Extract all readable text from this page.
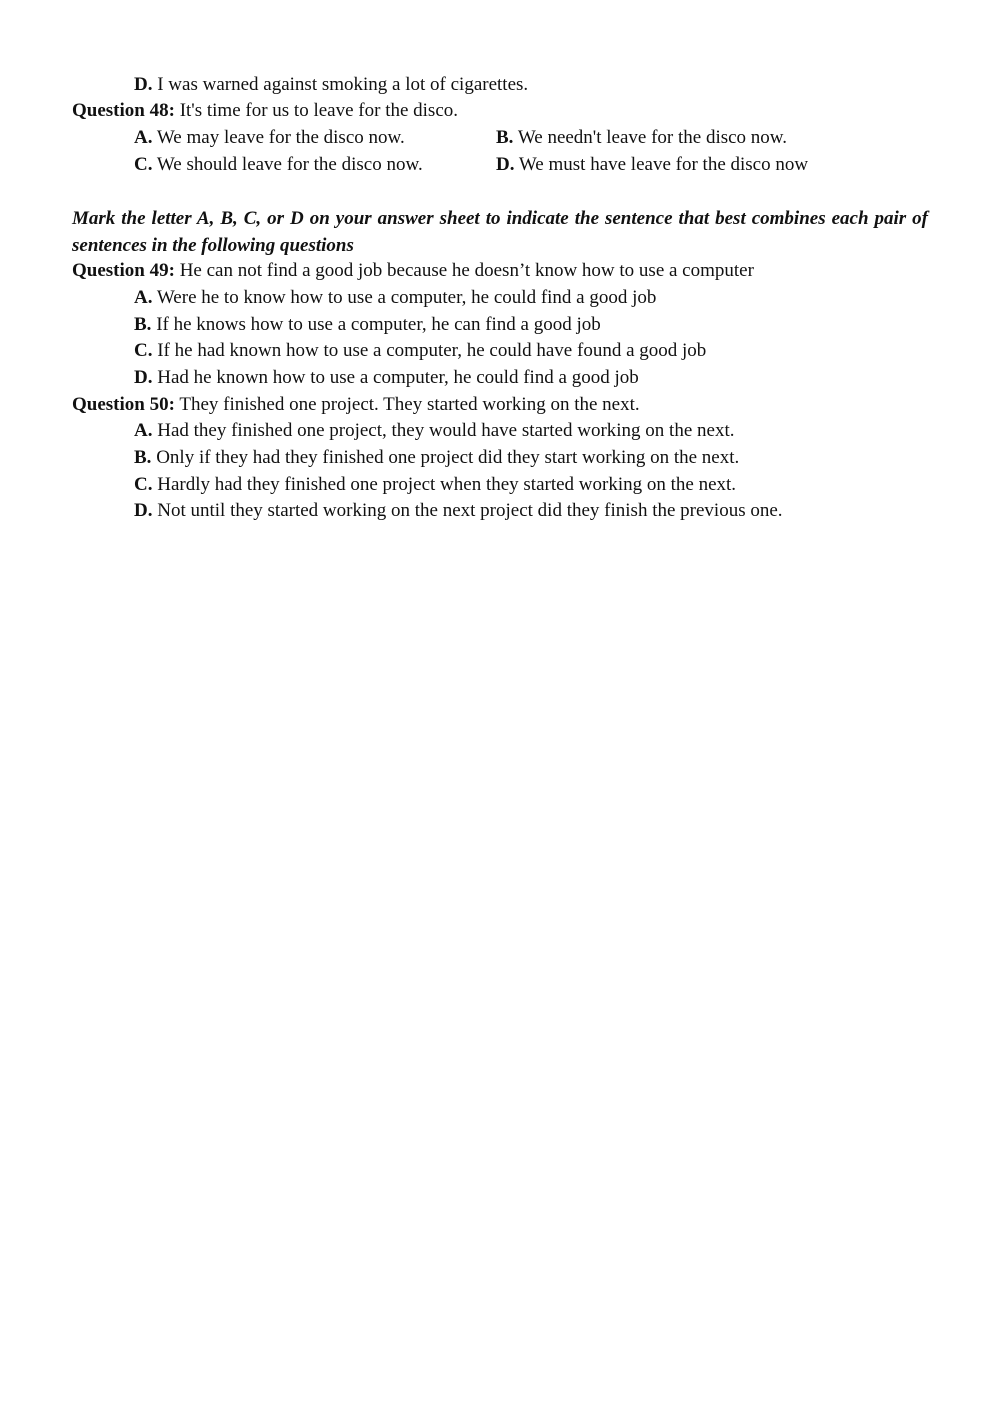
D. I was warned against smoking a lot of cigarettes.
Question 48: It's time for us to leave for the disco.
A. We may leave for the disco now.	B. We needn't leave for the disco now.
C. We should leave for the disco now.	D. We must have leave for the disco now
Mark the letter A, B, C, or D on your answer sheet to indicate the sentence that best combines each pair of sentences in the following questions
Question 49: He can not find a good job because he doesn’t know how to use a computer
A. Were he to know how to use a computer, he could find a good job
B. If he knows how to use a computer, he can find a good job
C. If he had known how to use a computer, he could have found a good job
D. Had he known how to use a computer, he could find a good job
Question 50: They finished one project. They started working on the next.
A. Had they finished one project, they would have started working on the next.
B. Only if they had they finished one project did they start working on the next.
C. Hardly had they finished one project when they started working on the next.
D. Not until they started working on the next project did they finish the previous one.
